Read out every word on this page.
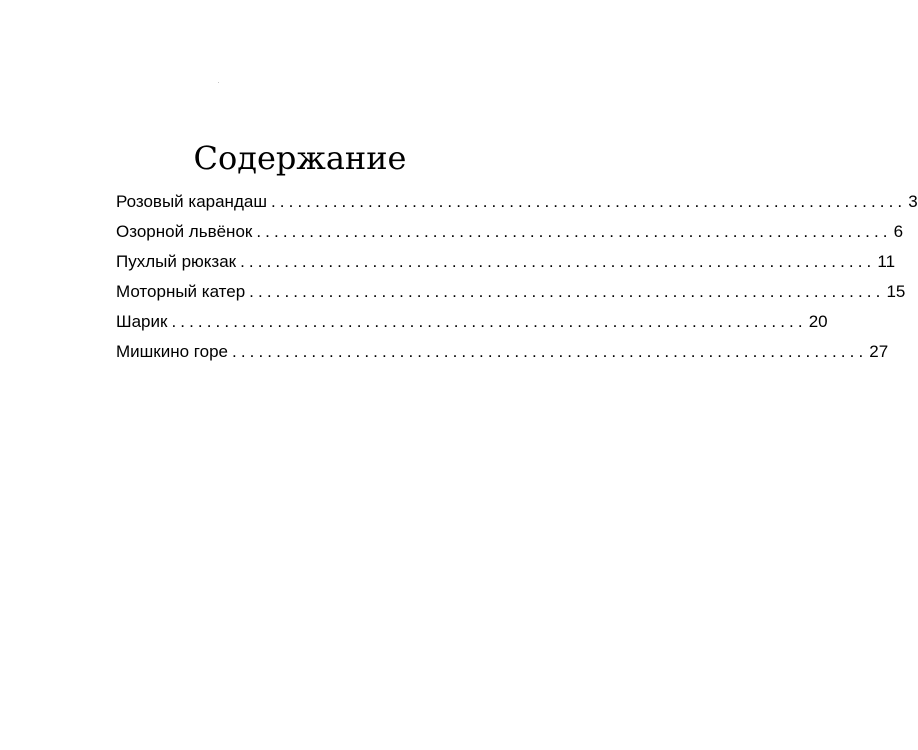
Содержание
Розовый карандаш ........................................................................ 3
Озорной львёнок ........................................................................ 6
Пухлый рюкзак ........................................................................ 11
Моторный катер ........................................................................ 15
Шарик ........................................................................ 20
Мишкино горе ........................................................................ 27
